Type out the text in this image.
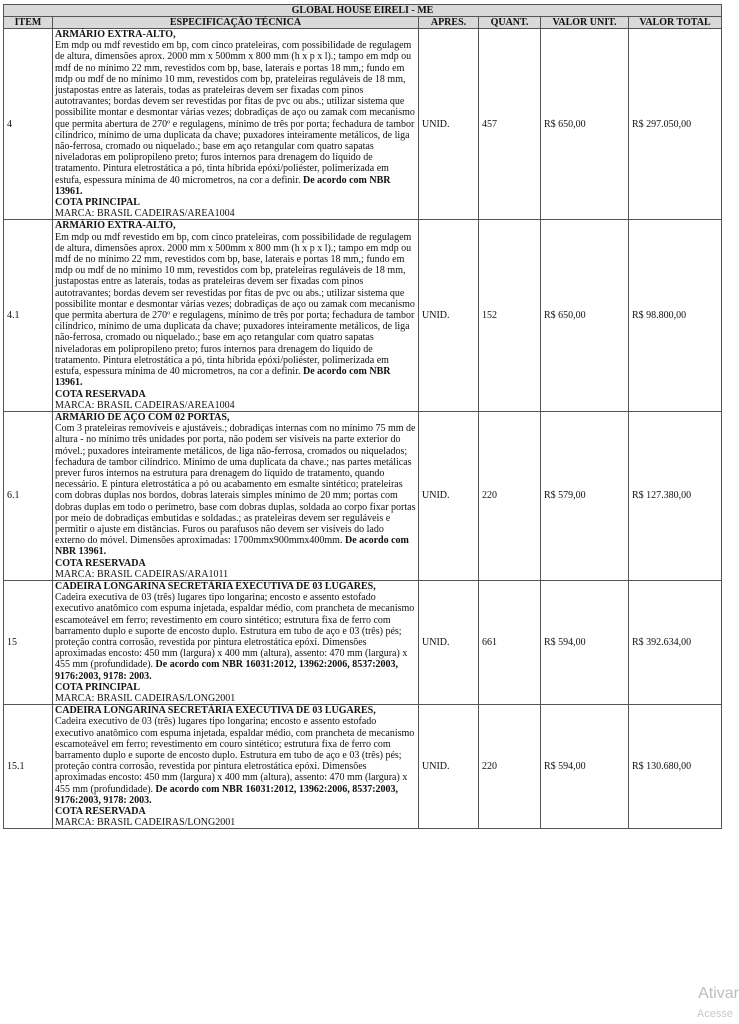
GLOBAL HOUSE EIRELI - ME					
ITEM	ESPECIFICAÇÃO TÉCNICA	APRES.	QUANT.	VALOR UNIT.	VALOR TOTAL
4	ARMÁRIO EXTRA-ALTO,
Em mdp ou mdf revestido em bp, com cinco prateleiras, com possibilidade de regulagem de altura, dimensões aprox. 2000 mm x 500mm x 800 mm (h x p x l).; tampo em mdp ou mdf de no mínimo 22 mm, revestidos com bp, base, laterais e portas 18 mm,; fundo em mdp ou mdf de no mínimo 10 mm, revestidos com bp, prateleiras reguláveis de 18 mm, justapostas entre as laterais, todas as prateleiras devem ser fixadas com pinos autotravantes; bordas devem ser revestidas por fitas de pvc ou abs.; utilizar sistema que possibilite montar e desmontar várias vezes; dobradiças de aço ou zamak com mecanismo que permita abertura de 270º e regulagens, mínimo de três por porta; fechadura de tambor cilíndrico, mínimo de uma duplicata da chave; puxadores inteiramente metálicos, de liga não-ferrosa, cromado ou niquelado.; base em aço retangular com quatro sapatas niveladoras em polipropileno preto; furos internos para drenagem do líquido de tratamento. Pintura eletrostática a pó, tinta híbrida epóxi/poliéster, polimerizada em estufa, espessura mínima de 40 micrometros, na cor a definir. De acordo com NBR 13961.
COTA PRINCIPAL
MARCA: BRASIL CADEIRAS/AREA1004	UNID.	457	R$ 650,00	R$ 297.050,00
4.1	ARMÁRIO EXTRA-ALTO,
Em mdp ou mdf revestido em bp, com cinco prateleiras, com possibilidade de regulagem de altura, dimensões aprox. 2000 mm x 500mm x 800 mm (h x p x l).; tampo em mdp ou mdf de no mínimo 22 mm, revestidos com bp, base, laterais e portas 18 mm,; fundo em mdp ou mdf de no mínimo 10 mm, revestidos com bp, prateleiras reguláveis de 18 mm, justapostas entre as laterais, todas as prateleiras devem ser fixadas com pinos autotravantes; bordas devem ser revestidas por fitas de pvc ou abs.; utilizar sistema que possibilite montar e desmontar várias vezes; dobradiças de aço ou zamak com mecanismo que permita abertura de 270º e regulagens, mínimo de três por porta; fechadura de tambor cilíndrico, mínimo de uma duplicata da chave; puxadores inteiramente metálicos, de liga não-ferrosa, cromado ou niquelado.; base em aço retangular com quatro sapatas niveladoras em polipropileno preto; furos internos para drenagem do líquido de tratamento. Pintura eletrostática a pó, tinta híbrida epóxi/poliéster, polimerizada em estufa, espessura mínima de 40 micrometros, na cor a definir. De acordo com NBR 13961.
COTA RESERVADA
MARCA: BRASIL CADEIRAS/AREA1004	UNID.	152	R$ 650,00	R$ 98.800,00
6.1	ARMÁRIO DE AÇO COM 02 PORTAS,
Com 3 prateleiras removíveis e ajustáveis.; dobradiças internas com no mínimo 75 mm de altura - no mínimo três unidades por porta, não podem ser visíveis na parte exterior do móvel.; puxadores inteiramente metálicos, de liga não-ferrosa, cromados ou niquelados; fechadura de tambor cilíndrico. Mínimo de uma duplicata da chave.; nas partes metálicas prever furos internos na estrutura para drenagem do líquido de tratamento, quando necessário. E pintura eletrostática a pó ou acabamento em esmalte sintético; prateleiras com dobras duplas nos bordos, dobras laterais simples mínimo de 20 mm; portas com dobras duplas em todo o perímetro, base com dobras duplas, soldada ao corpo fixar portas por meio de dobradiças embutidas e soldadas.; as prateleiras devem ser reguláveis e permitir o ajuste em distâncias. Furos ou parafusos não devem ser visíveis do lado externo do móvel. Dimensões aproximadas: 1700mmx900mmx400mm. De acordo com NBR 13961.
COTA RESERVADA
MARCA: BRASIL CADEIRAS/ARA1011	UNID.	220	R$ 579,00	R$ 127.380,00
15	CADEIRA LONGARINA SECRETÁRIA EXECUTIVA DE 03 LUGARES,
Cadeira executiva de 03 (três) lugares tipo longarina; encosto e assento estofado executivo anatômico com espuma injetada, espaldar médio, com prancheta de mecanismo escamoteável em ferro; revestimento em couro sintético; estrutura fixa de ferro com barramento duplo e suporte de encosto duplo. Estrutura em tubo de aço e 03 (três) pés; proteção contra corrosão, revestida por pintura eletrostática epóxi. Dimensões aproximadas encosto: 450 mm (largura) x 400 mm (altura), assento: 470 mm (largura) x 455 mm (profundidade). De acordo com NBR 16031:2012, 13962:2006, 8537:2003, 9176:2003, 9178: 2003.
COTA PRINCIPAL
MARCA: BRASIL CADEIRAS/LONG2001	UNID.	661	R$ 594,00	R$ 392.634,00
15.1	CADEIRA LONGARINA SECRETÁRIA EXECUTIVA DE 03 LUGARES,
Cadeira executivo de 03 (três) lugares tipo longarina; encosto e assento estofado executivo anatômico com espuma injetada, espaldar médio, com prancheta de mecanismo escamoteável em ferro; revestimento em couro sintético; estrutura fixa de ferro com barramento duplo e suporte de encosto duplo. Estrutura em tubo de aço e 03 (três) pés; proteção contra corrosão, revestida por pintura eletrostática epóxi. Dimensões aproximadas encosto: 450 mm (largura) x 400 mm (altura), assento: 470 mm (largura) x 455 mm (profundidade). De acordo com NBR 16031:2012, 13962:2006, 8537:2003, 9176:2003, 9178: 2003.
COTA RESERVADA
MARCA: BRASIL CADEIRAS/LONG2001	UNID.	220	R$ 594,00	R$ 130.680,00
Ativar
Acesse
